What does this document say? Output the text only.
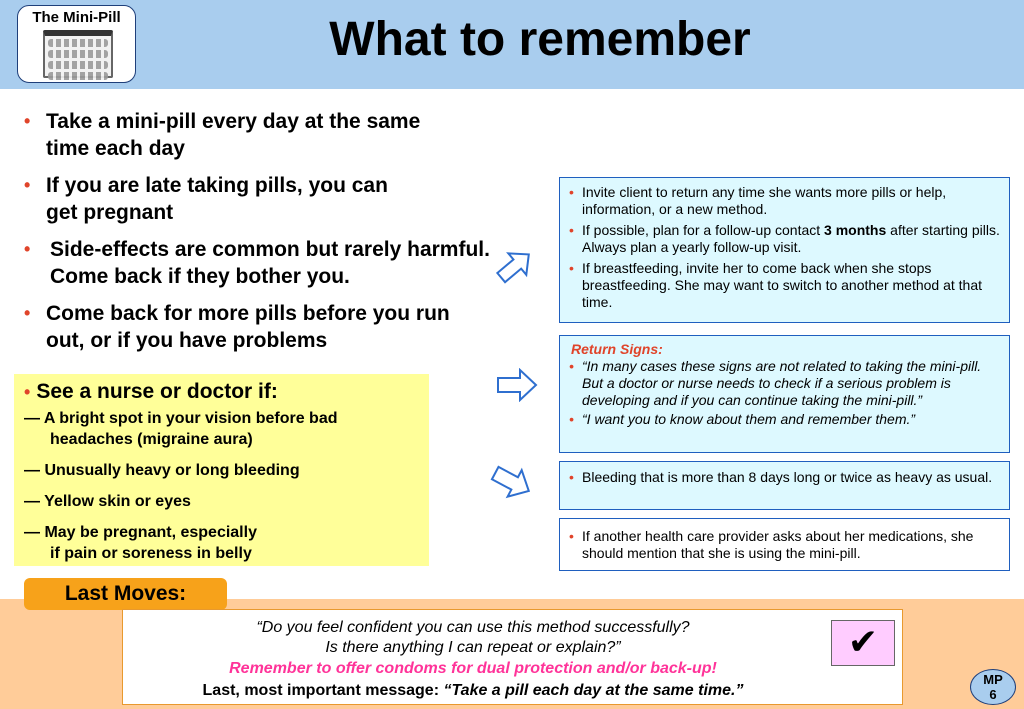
The Mini-Pill	What to remember
• Take a mini-pill every day at the same time each day
• If you are late taking pills, you can get pregnant
• Side-effects are common but rarely harmful. Come back if they bother you.
• Come back for more pills before you run out, or if you have problems
• See a nurse or doctor if:
— A bright spot in your vision before bad
headaches (migraine aura)
— Unusually heavy or long bleeding
— Yellow skin or eyes
— May be pregnant, especially
if pain or soreness in belly
• Invite client to return any time she wants more pills or help, information, or a new method.
• If possible, plan for a follow-up contact 3 months after starting pills. Always plan a yearly follow-up visit.
• If breastfeeding, invite her to come back when she stops breastfeeding. She may want to switch to another method at that time.
Return Signs:
• “In many cases these signs are not related to taking the mini-pill. But a doctor or nurse needs to check if a serious problem is developing and if you can continue taking the mini-pill.”
• “I want you to know about them and remember them.”
• Bleeding that is more than 8 days long or twice as heavy as usual.
• If another health care provider asks about her medications, she should mention that she is using the mini-pill.
Last Moves:
“Do you feel confident you can use this method successfully?
Is there anything I can repeat or explain?”
Remember to offer condoms for dual protection and/or back-up!
Last, most important message: “Take a pill each day at the same time.”
✔
MP
6
